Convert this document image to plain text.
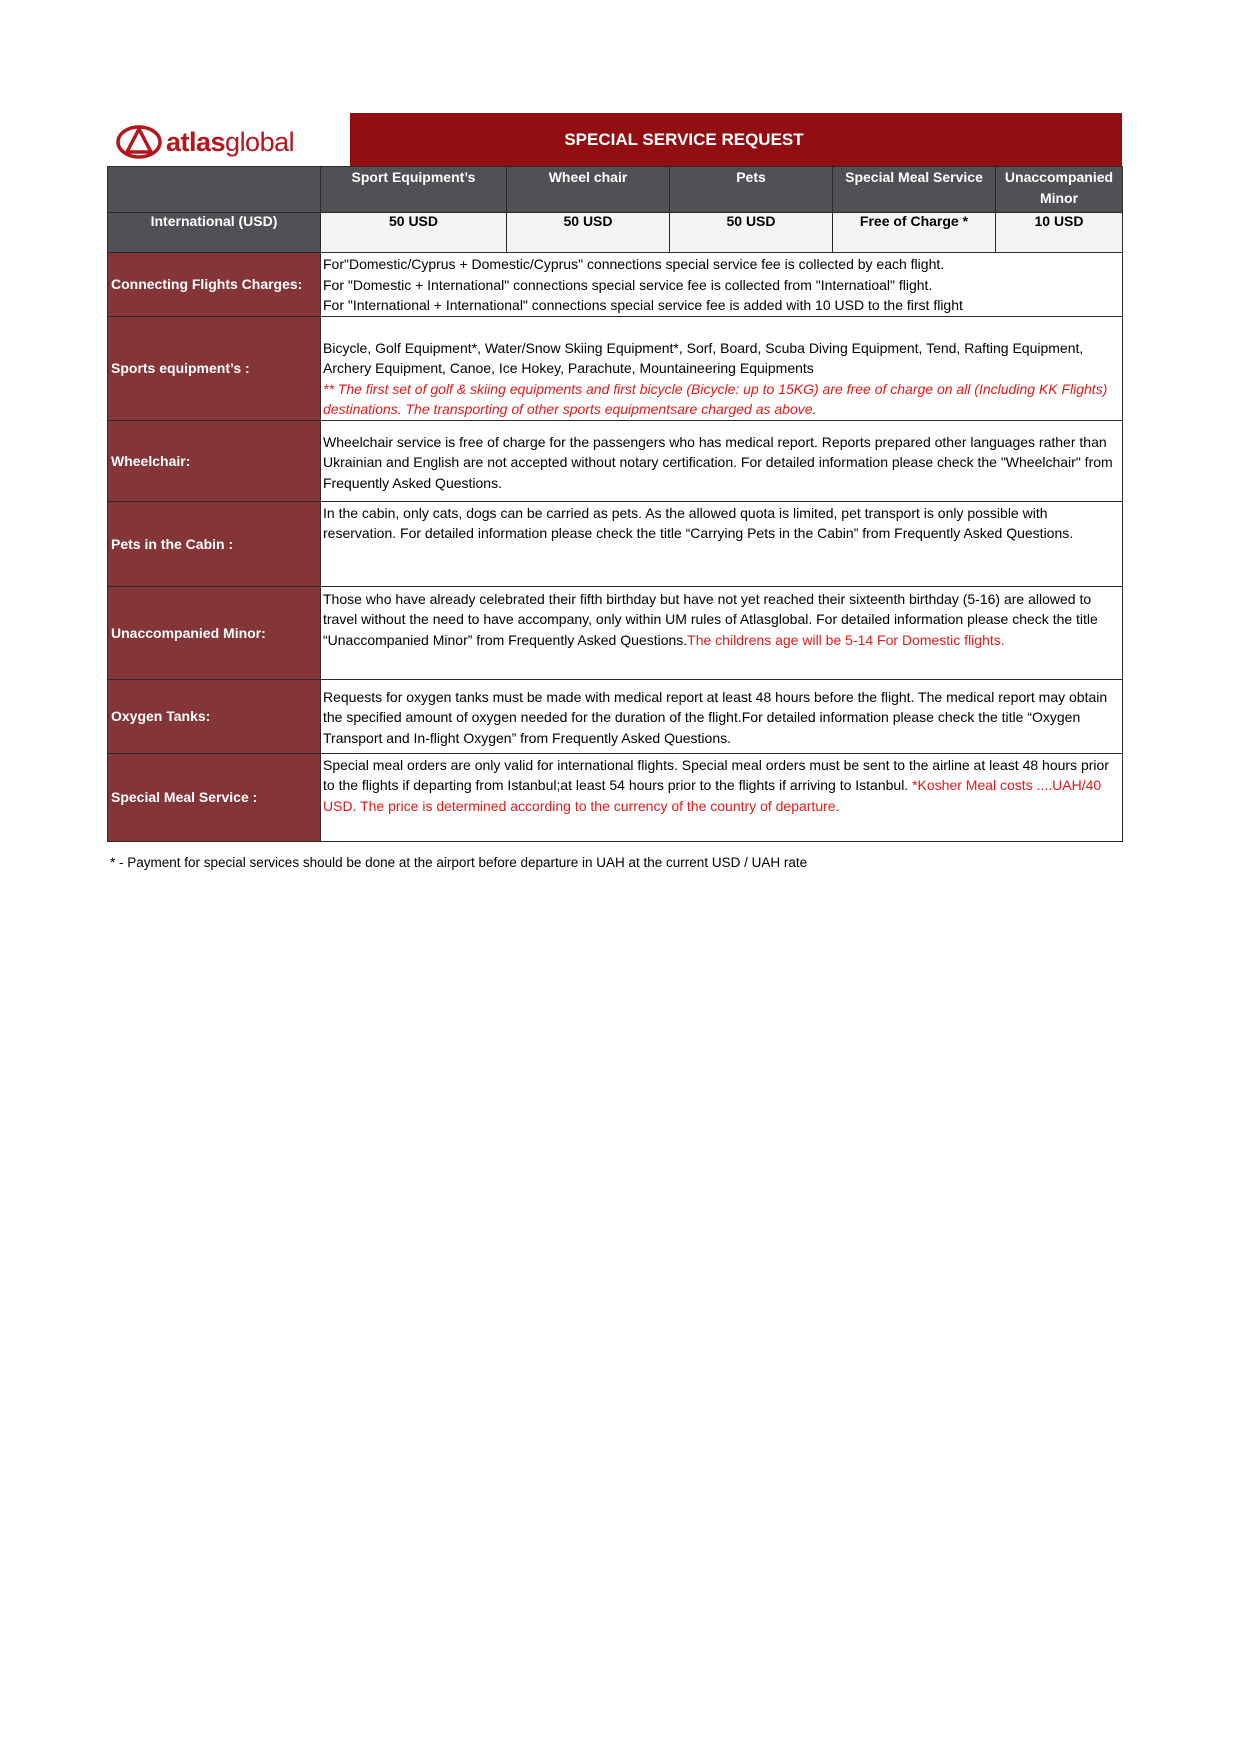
atlasglobal	SPECIAL SERVICE REQUEST
	Sport Equipment’s	Wheel chair	Pets	Special Meal Service	Unaccompanied Minor
International (USD)	50 USD	50 USD	50 USD	Free of Charge *	10 USD
Connecting Flights Charges:	For"Domestic/Cyprus + Domestic/Cyprus" connections special service fee is collected by each flight.
For "Domestic + International" connections special service fee is collected from "Internatioal" flight.
For "International + International" connections special service fee is added with 10 USD to the first flight				

Sports equipment’s :	Bicycle, Golf Equipment*, Water/Snow Skiing Equipment*, Sorf, Board, Scuba Diving Equipment, Tend, Rafting Equipment, Archery Equipment, Canoe, Ice Hokey, Parachute, Mountaineering Equipments
** The first set of golf & skiing equipments and first bicycle (Bicycle: up to 15KG) are free of charge on all (Including KK Flights) destinations. The transporting of other sports equipmentsare charged as above.				

Wheelchair:	Wheelchair service is free of charge for the passengers who has medical report. Reports prepared other languages rather than Ukrainian and English are not accepted without notary certification. For detailed information please check the "Wheelchair" from Frequently Asked Questions.				

Pets in the Cabin :	In the cabin, only cats, dogs can be carried as pets. As the allowed quota is limited, pet transport is only possible with reservation. For detailed information please check the title “Carrying Pets in the Cabin” from Frequently Asked Questions.				

Unaccompanied Minor:	Those who have already celebrated their fifth birthday but have not yet reached their sixteenth birthday (5-16) are allowed to travel without the need to have accompany, only within UM rules of Atlasglobal. For detailed information please check the title “Unaccompanied Minor” from Frequently Asked Questions.The childrens age will be 5-14 For Domestic flights.				

Oxygen Tanks:	Requests for oxygen tanks must be made with medical report at least 48 hours before the flight. The medical report may obtain the specified amount of oxygen needed for the duration of the flight.For detailed information please check the title “Oxygen Transport and In-flight Oxygen” from Frequently Asked Questions.				

Special Meal Service :	Special meal orders are only valid for international flights. Special meal orders must be sent to the airline at least 48 hours prior to the flights if departing from Istanbul;at least 54 hours prior to the flights if arriving to Istanbul. *Kosher Meal costs ....UAH/40 USD. The price is determined according to the currency of the country of departure.				
* - Payment for special services should be done at the airport before departure in UAH at the current USD / UAH rate
